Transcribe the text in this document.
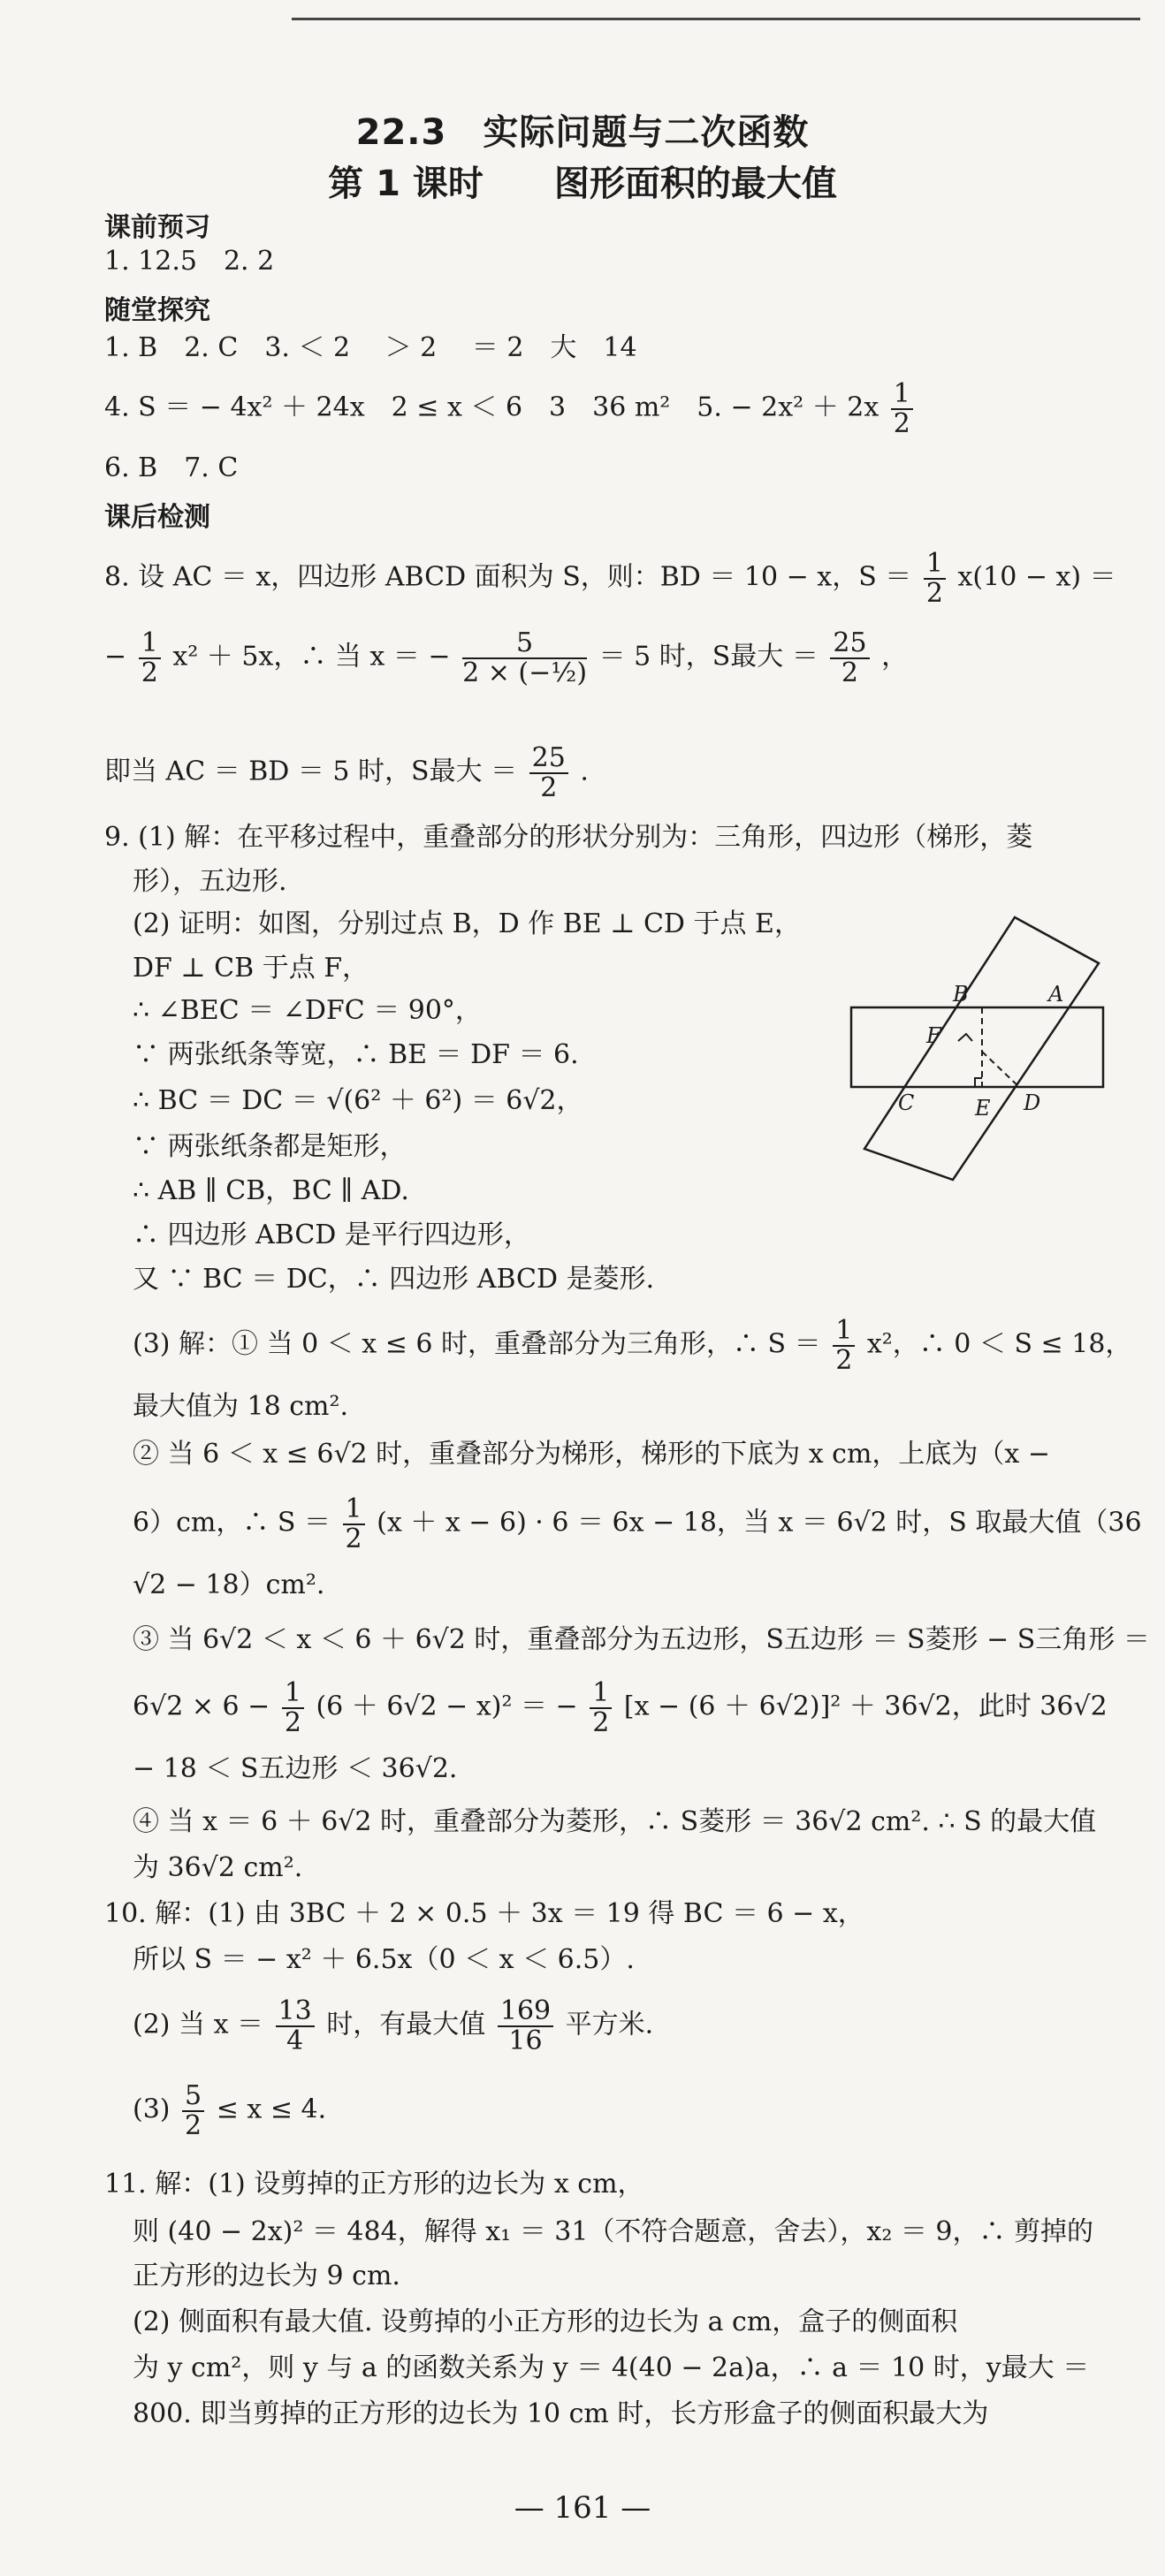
22.3　实际问题与二次函数
第 1 课时　　图形面积的最大值
课前预习
1. 12.5　2. 2
随堂探究
1. B　2. C　3. ＜ 2　 ＞ 2　 ＝ 2　大　14
4. S ＝ − 4x² ＋ 24x　2 ≤ x ＜ 6　3　36 m²　5. − $2x^2 + 2x \frac{1}{2}$
6. B　7. C
课后检测
8. 设 AC ＝ x，四边形 ABCD 面积为 S，则：BD ＝ 10 − x，$S = \frac{1}{2} x(10 - x)$ ＝
− $\frac{1}{2} x^2 + 5x$，∴ 当 x ＝ − $\frac{5}{\text{2 × (−½)}} = 5$ 时，S最大 ＝ $\frac{25}{2}$ ，
即当 AC ＝ BD ＝ 5 时，S最大 ＝ $\frac{25}{2}$ .
9. (1) 解：在平移过程中，重叠部分的形状分别为：三角形，四边形（梯形，菱
形），五边形.
(2) 证明：如图，分别过点 B，D 作 BE ⊥ CD 于点 E，
DF ⊥ CB 于点 F，
∴ ∠BEC ＝ ∠DFC ＝ 90°，
∵ 两张纸条等宽，∴ BE ＝ DF ＝ 6.
∴ BC ＝ DC ＝ √(6² ＋ 6²) ＝ 6√2，
∵ 两张纸条都是矩形，
∴ AB ∥ CB，BC ∥ AD.
∴ 四边形 ABCD 是平行四边形，
又 ∵ BC ＝ DC，∴ 四边形 ABCD 是菱形.
B	A
F
C	D
E
(3) 解：① 当 0 ＜ x ≤ 6 时，重叠部分为三角形，∴ $S = \frac{1}{2} x^2$，∴ 0 ＜ S ≤ 18，
最大值为 18 cm².
② 当 6 ＜ x ≤ 6√2 时，重叠部分为梯形，梯形的下底为 x cm，上底为（x −
6）cm，∴ $S = \frac{1}{2} (x + x - 6) \cdot 6 = 6x - 18$，当 x ＝ 6√2 时，S 取最大值（36
√2 − 18）cm².
③ 当 6√2 ＜ x ＜ 6 ＋ 6√2 时，重叠部分为五边形，S五边形 ＝ S菱形 − S三角形 ＝
$6√2 \times 6 - \frac{1}{2} (6 + 6√2 - x)^2$ ＝ − $\frac{1}{2} [x - (6 + 6√2)]^2 + 36√2$，此时 36√2
− 18 ＜ S五边形 ＜ 36√2.
④ 当 x ＝ 6 ＋ 6√2 时，重叠部分为菱形，∴ S菱形 ＝ 36√2 cm². ∴ S 的最大值
为 36√2 cm².
10. 解：(1) 由 3BC ＋ 2 × 0.5 ＋ 3x ＝ 19 得 BC ＝ 6 − x，
所以 S ＝ − x² ＋ 6.5x（0 ＜ x ＜ 6.5）.
(2) 当 $x = \frac{13}{4}$ 时，有最大值 $\frac{169}{16}$ 平方米.
$(3) \frac{5}{2} \le x \le 4$.
11. 解：(1) 设剪掉的正方形的边长为 x cm，
则 (40 − 2x)² ＝ 484，解得 x₁ ＝ 31（不符合题意，舍去），x₂ ＝ 9，∴ 剪掉的
正方形的边长为 9 cm.
(2) 侧面积有最大值. 设剪掉的小正方形的边长为 a cm，盒子的侧面积
为 y cm²，则 y 与 a 的函数关系为 y ＝ 4(40 − 2a)a，∴ a ＝ 10 时，y最大 ＝
800. 即当剪掉的正方形的边长为 10 cm 时，长方形盒子的侧面积最大为
— 161 —
